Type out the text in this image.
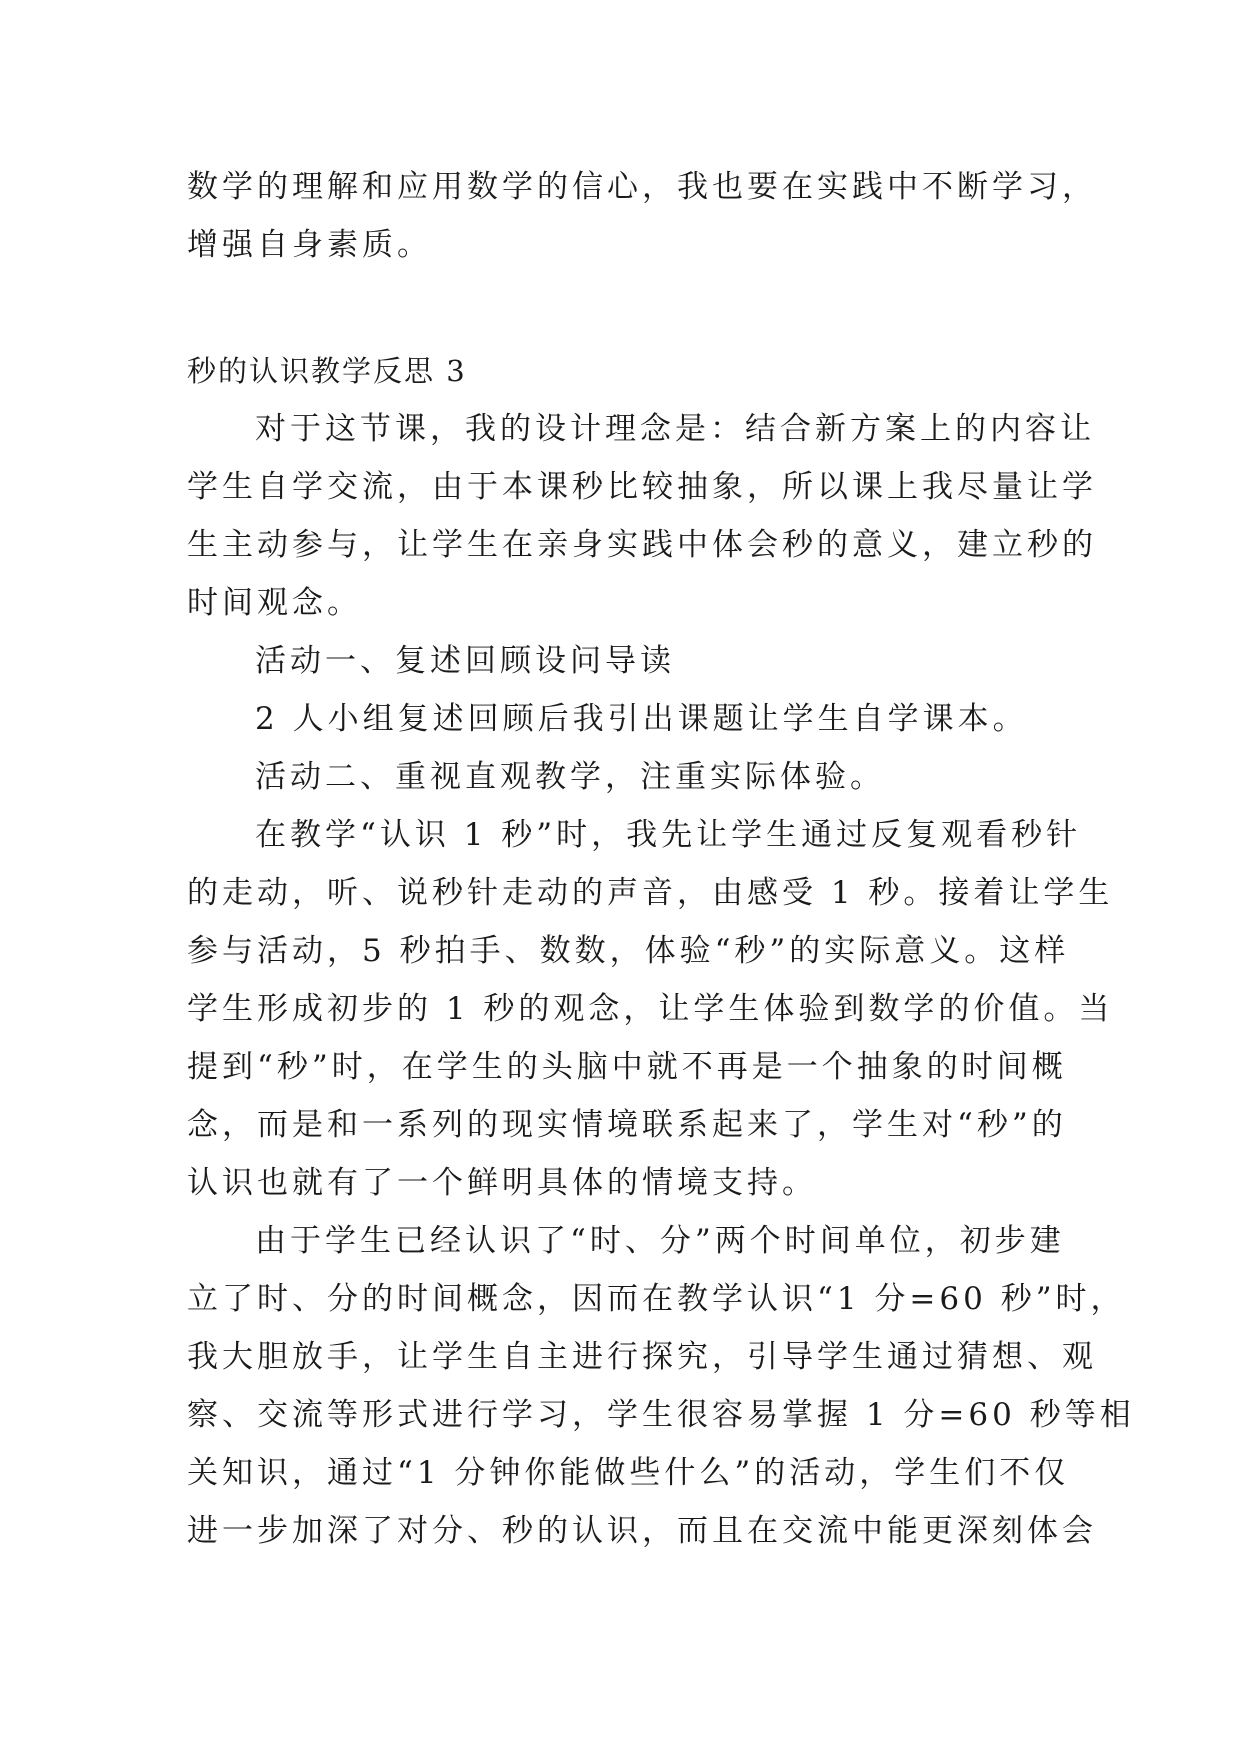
数学的理解和应用数学的信心，我也要在实践中不断学习，
增强自身素质。
秒的认识教学反思 3
对于这节课，我的设计理念是：结合新方案上的内容让
学生自学交流，由于本课秒比较抽象，所以课上我尽量让学
生主动参与，让学生在亲身实践中体会秒的意义，建立秒的
时间观念。
活动一、复述回顾设问导读
2 人小组复述回顾后我引出课题让学生自学课本。
活动二、重视直观教学，注重实际体验。
在教学“认识 1 秒”时，我先让学生通过反复观看秒针
的走动，听、说秒针走动的声音，由感受 1 秒。接着让学生
参与活动，5 秒拍手、数数，体验“秒”的实际意义。这样
学生形成初步的 1 秒的观念，让学生体验到数学的价值。当
提到“秒”时，在学生的头脑中就不再是一个抽象的时间概
念，而是和一系列的现实情境联系起来了，学生对“秒”的
认识也就有了一个鲜明具体的情境支持。
由于学生已经认识了“时、分”两个时间单位，初步建
立了时、分的时间概念，因而在教学认识“1 分=60 秒”时，
我大胆放手，让学生自主进行探究，引导学生通过猜想、观
察、交流等形式进行学习，学生很容易掌握 1 分=60 秒等相
关知识，通过“1 分钟你能做些什么”的活动，学生们不仅
进一步加深了对分、秒的认识，而且在交流中能更深刻体会
